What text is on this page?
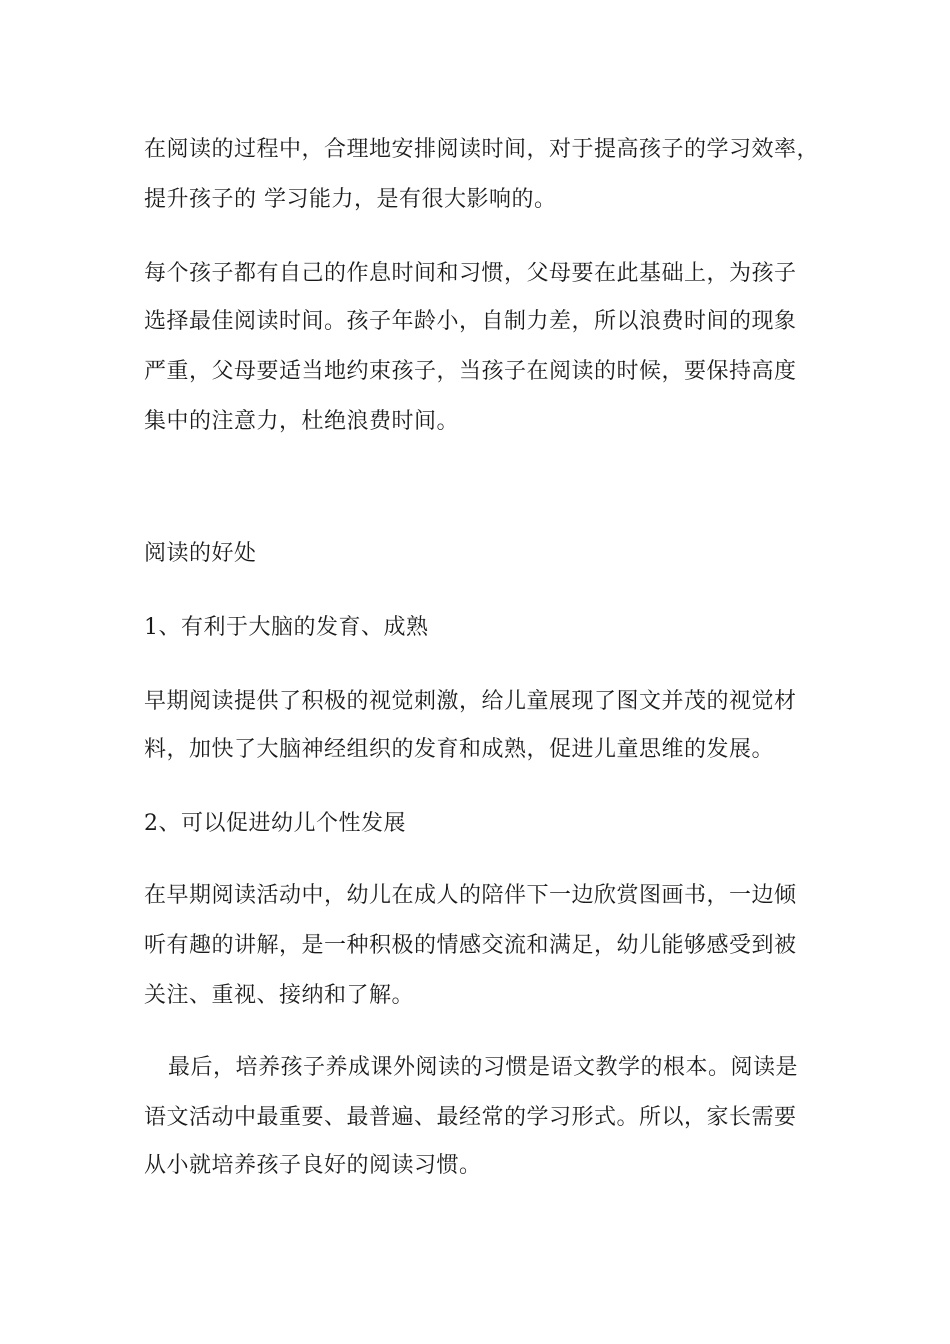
在阅读的过程中，合理地安排阅读时间，对于提高孩子的学习效率，
提升孩子的 学习能力，是有很大影响的。
每个孩子都有自己的作息时间和习惯，父母要在此基础上，为孩子
选择最佳阅读时间。孩子年龄小，自制力差，所以浪费时间的现象
严重，父母要适当地约束孩子，当孩子在阅读的时候，要保持高度
集中的注意力，杜绝浪费时间。
阅读的好处
1、有利于大脑的发育、成熟
早期阅读提供了积极的视觉刺激，给儿童展现了图文并茂的视觉材
料，加快了大脑神经组织的发育和成熟，促进儿童思维的发展。
2、可以促进幼儿个性发展
在早期阅读活动中，幼儿在成人的陪伴下一边欣赏图画书，一边倾
听有趣的讲解，是一种积极的情感交流和满足，幼儿能够感受到被
关注、重视、接纳和了解。
最后，培养孩子养成课外阅读的习惯是语文教学的根本。阅读是
语文活动中最重要、最普遍、最经常的学习形式。所以，家长需要
从小就培养孩子良好的阅读习惯。
